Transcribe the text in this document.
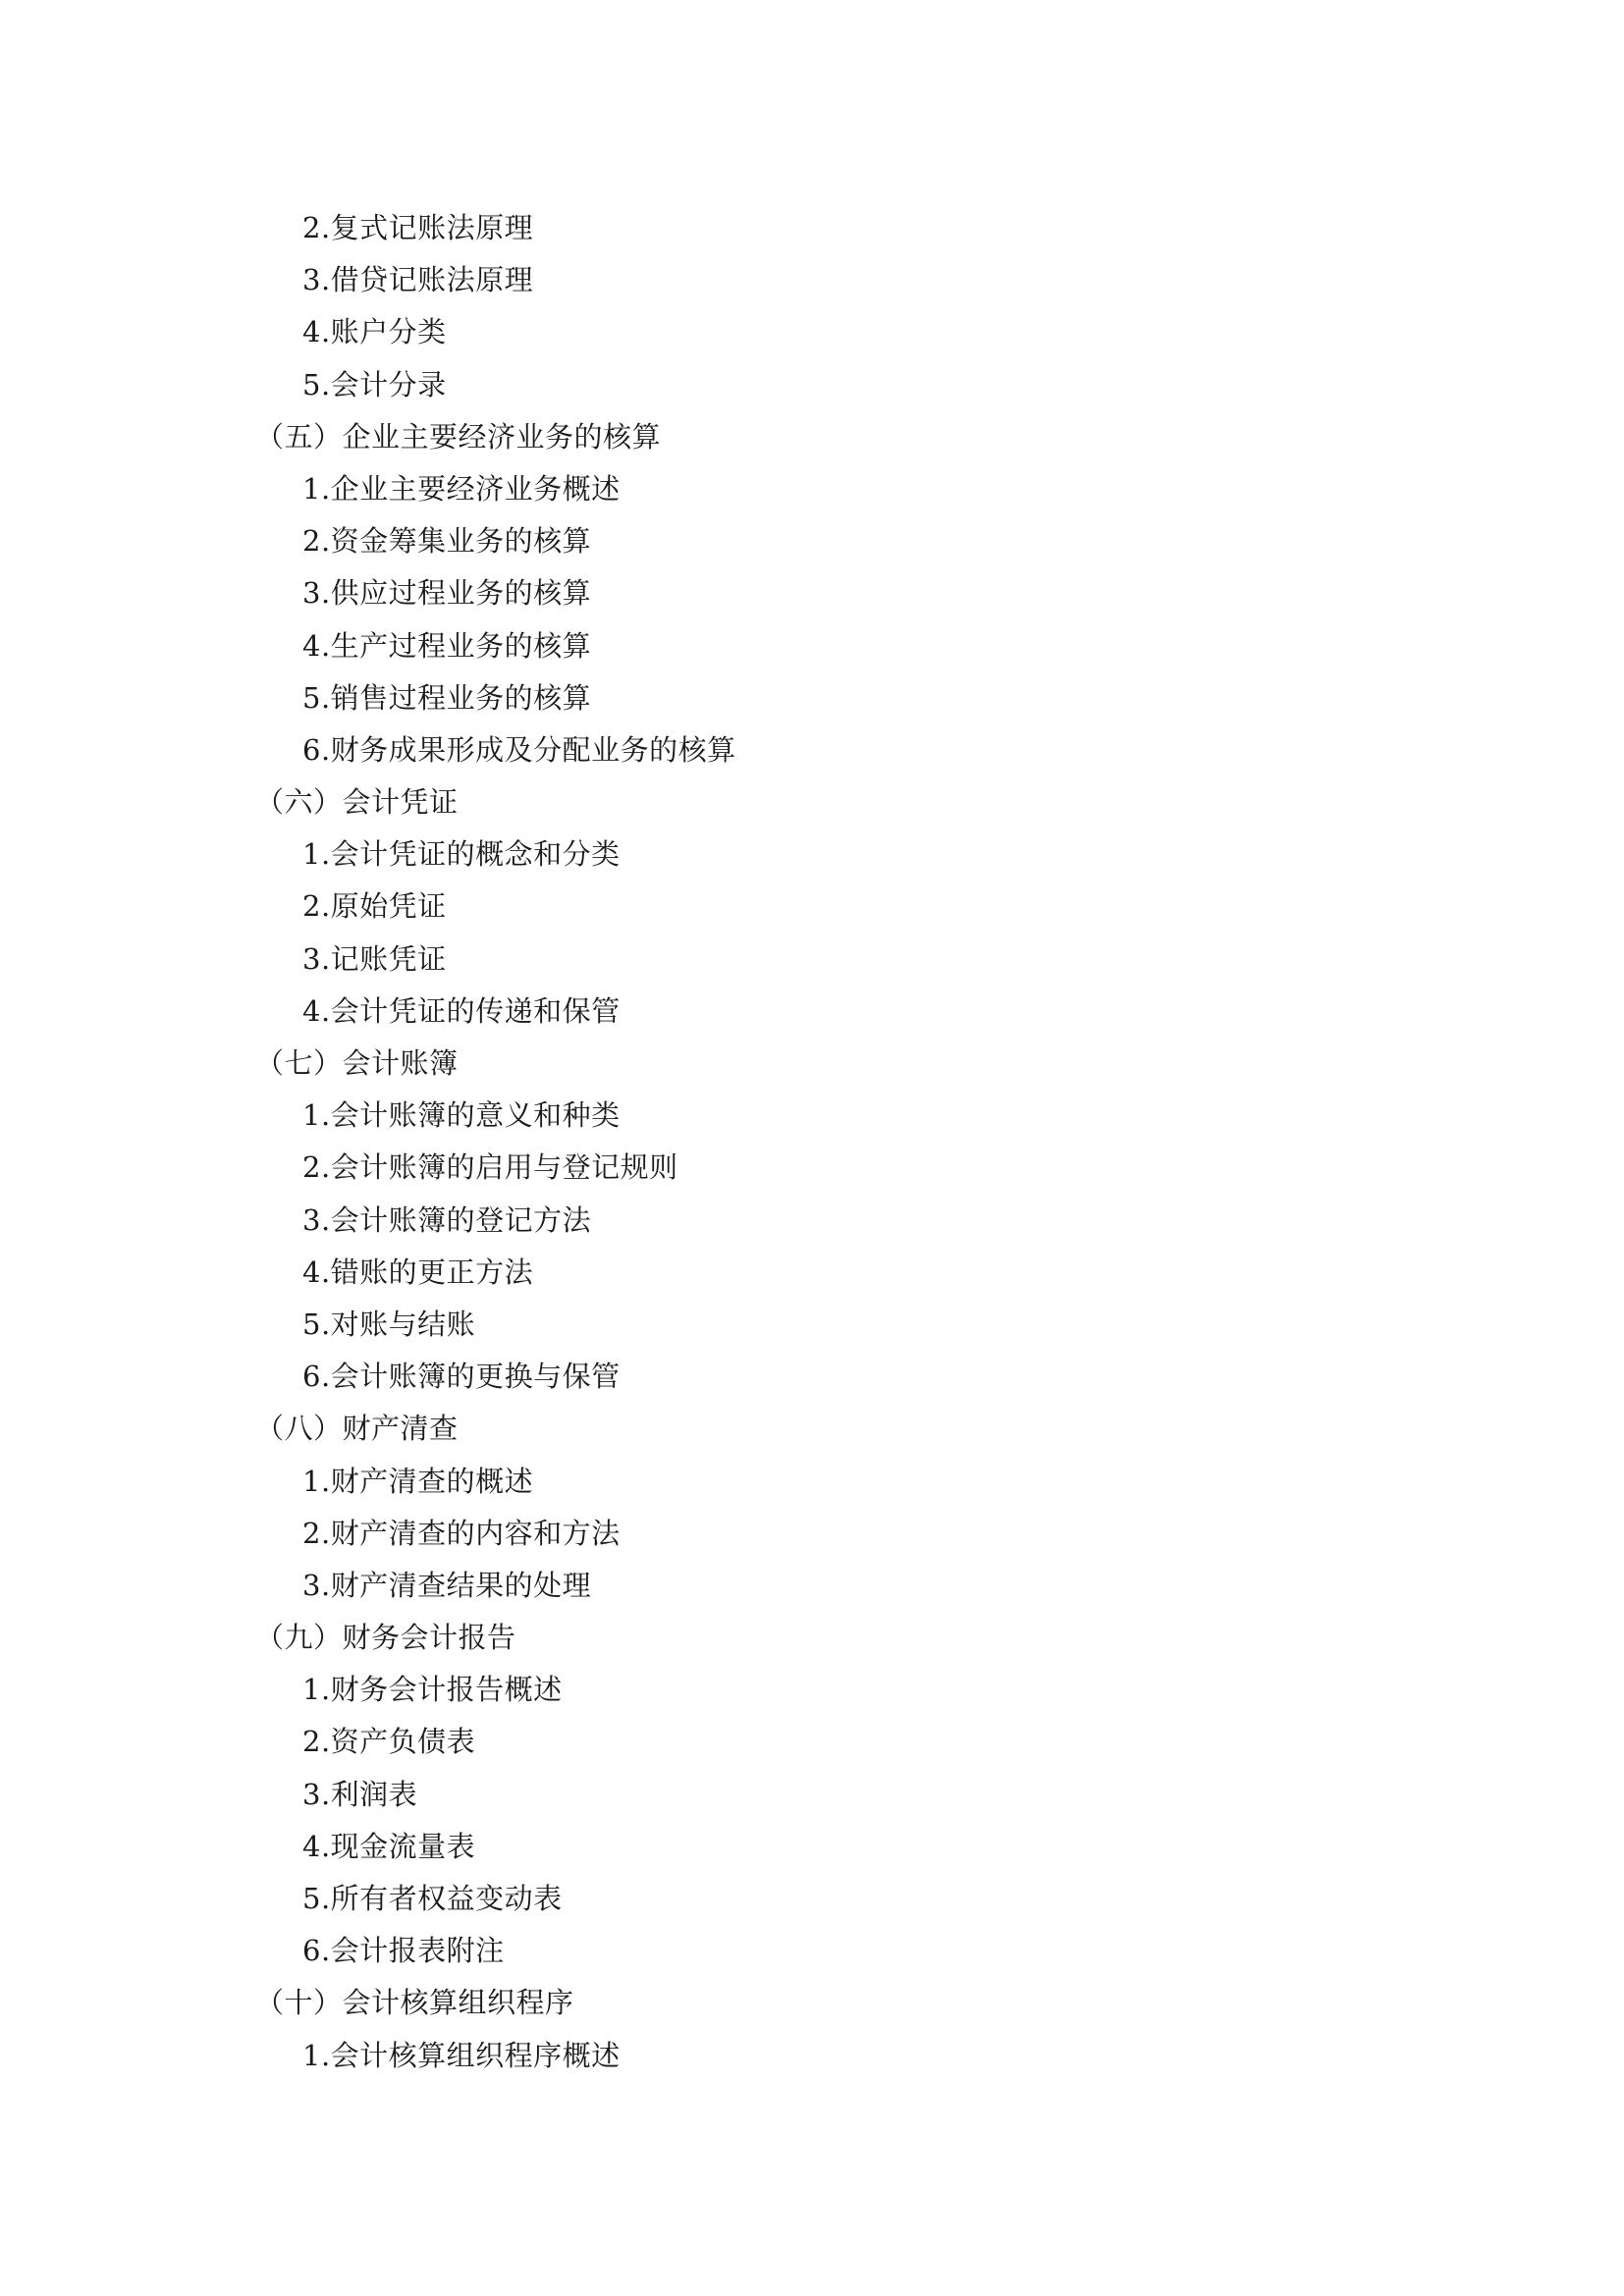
2.复式记账法原理
3.借贷记账法原理
4.账户分类
5.会计分录
（五）企业主要经济业务的核算
1.企业主要经济业务概述
2.资金筹集业务的核算
3.供应过程业务的核算
4.生产过程业务的核算
5.销售过程业务的核算
6.财务成果形成及分配业务的核算
（六）会计凭证
1.会计凭证的概念和分类
2.原始凭证
3.记账凭证
4.会计凭证的传递和保管
（七）会计账簿
1.会计账簿的意义和种类
2.会计账簿的启用与登记规则
3.会计账簿的登记方法
4.错账的更正方法
5.对账与结账
6.会计账簿的更换与保管
（八）财产清查
1.财产清查的概述
2.财产清查的内容和方法
3.财产清查结果的处理
（九）财务会计报告
1.财务会计报告概述
2.资产负债表
3.利润表
4.现金流量表
5.所有者权益变动表
6.会计报表附注
（十）会计核算组织程序
1.会计核算组织程序概述
